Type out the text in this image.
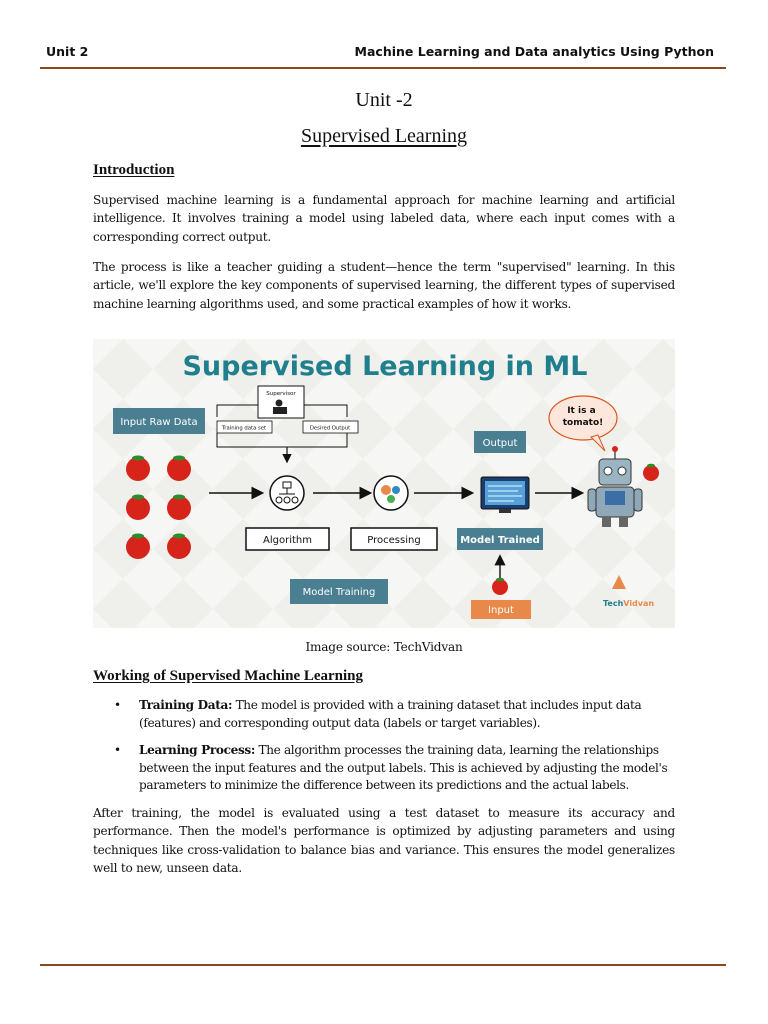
Unit 2	Machine Learning and Data analytics Using Python
Unit -2
Supervised Learning
Introduction
Supervised machine learning is a fundamental approach for machine learning and artificial intelligence. It involves training a model using labeled data, where each input comes with a corresponding correct output.
The process is like a teacher guiding a student—hence the term "supervised" learning. In this article, we'll explore the key components of supervised learning, the different types of supervised machine learning algorithms used, and some practical examples of how it works.
Supervised Learning in ML
Supervisor
Training data set	Desired Output
Input Raw Data
Algorithm	Processing	Model Trained
Output
Input
Model Training
It is a tomato!
TechVidvan
Image source: TechVidvan
Working of Supervised Machine Learning
• Training Data: The model is provided with a training dataset that includes input data (features) and corresponding output data (labels or target variables).
• Learning Process: The algorithm processes the training data, learning the relationships between the input features and the output labels. This is achieved by adjusting the model's parameters to minimize the difference between its predictions and the actual labels.
After training, the model is evaluated using a test dataset to measure its accuracy and performance. Then the model's performance is optimized by adjusting parameters and using techniques like cross-validation to balance bias and variance. This ensures the model generalizes well to new, unseen data.
